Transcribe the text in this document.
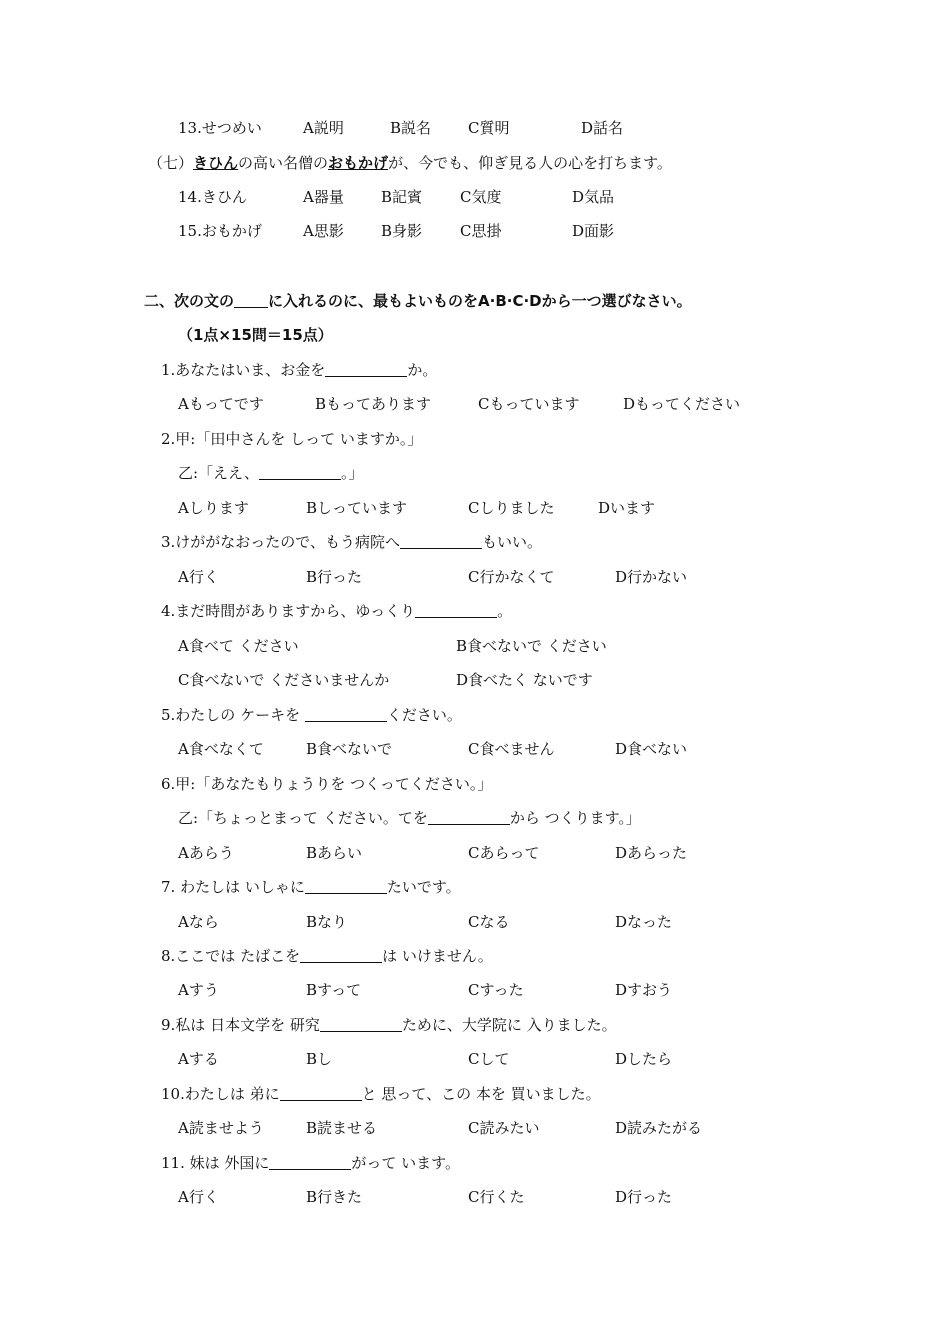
13.せつめい	A説明	B説名 C質明	D話名
（七）きひんの高い名僧のおもかげが、今でも、仰ぎ見る人の心を打ちます。
14.きひん	A器量 B記賓	C気度	D気品
15.おもかげ	A思影 B身影	C思掛	D面影
二、次の文の に入れるのに、最もよいものをA·B·C·Dから一つ選びなさい。
（1点×15問＝15点）
1.あなたはいま、お金を	か。
Aもってです	Bもってあります	Cもっています	Dもってください
2.甲:「田中さんを しって いますか。」
乙:「ええ、	。」
Aしります	Bしっています	Cしりました	Dいます
3.けががなおったので、もう病院へ	もいい。
A行く	B行った	C行かなくて	D行かない
4.まだ時間がありますから、ゆっくり	。
A食べて ください	B食べないで ください
C食べないで くださいませんか	D食べたく ないです
5.わたしの ケーキを	ください。
A食べなくて	B食べないで	C食べません	D食べない
6.甲:「あなたもりょうりを つくってください。」
乙:「ちょっとまって ください。てを	から つくります。」
Aあらう	Bあらい	Cあらって	Dあらった
7. わたしは いしゃに	たいです。
Aなら	Bなり	Cなる	Dなった
8.ここでは たばこを	は いけません。
Aすう	Bすって	Cすった	Dすおう
9.私は 日本文学を 研究	ために、大学院に 入りました。
Aする	Bし	Cして	Dしたら
10.わたしは 弟に	と 思って、この 本を 買いました。
A読ませよう	B読ませる	C読みたい	D読みたがる
11. 妹は 外国に	がって います。
A行く	B行きた	C行くた	D行った
